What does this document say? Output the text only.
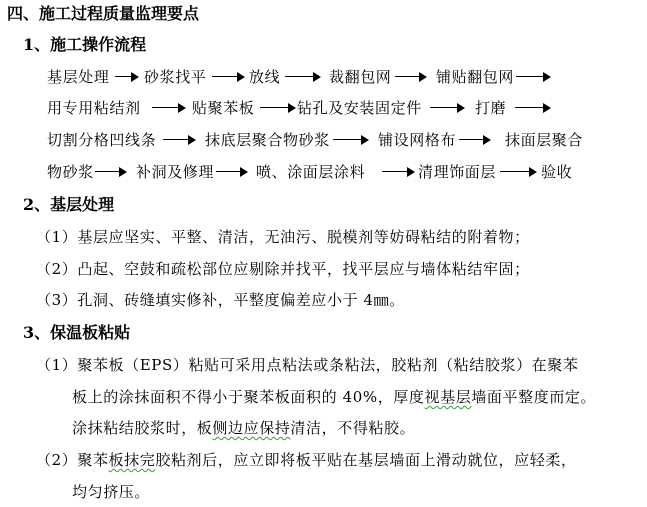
四、施工过程质量监理要点
1、施工操作流程
基层处理 砂浆找平	放线	裁翻包网	铺贴翻包网
用专用粘结剂	贴聚苯板	钻孔及安装固定件	打磨
切割分格凹线条	抹底层聚合物砂浆	铺设网格布	抹面层聚合
物砂浆	补洞及修理	喷、涂面层涂料	清理饰面层	验收
2、基层处理
（1）基层应坚实、平整、清洁，无油污、脱模剂等妨碍粘结的附着物；
（2）凸起、空鼓和疏松部位应剔除并找平，找平层应与墙体粘结牢固；
（3）孔洞、砖缝填实修补，平整度偏差应小于 4㎜。
3、保温板粘贴
（1）聚苯板（EPS）粘贴可采用点粘法或条粘法，胶粘剂（粘结胶浆）在聚苯
板上的涂抹面积不得小于聚苯板面积的 40%，厚度视基层墙面平整度而定。
涂抹粘结胶浆时，板侧边应保持清洁，不得粘胶。
（2）聚苯板抹完胶粘剂后，应立即将板平贴在基层墙面上滑动就位，应轻柔，
均匀挤压。
